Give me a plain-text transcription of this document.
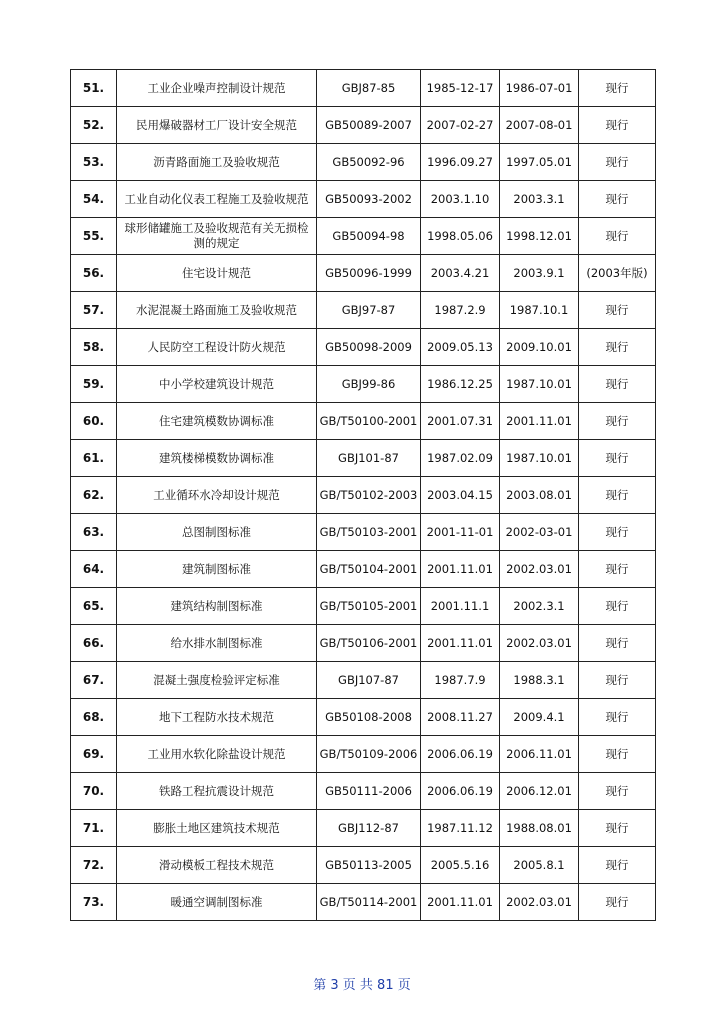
51.	工业企业噪声控制设计规范	GBJ87-85	1985-12-17	1986-07-01	现行
52.	民用爆破器材工厂设计安全规范	GB50089-2007	2007-02-27	2007-08-01	现行
53.	沥青路面施工及验收规范	GB50092-96	1996.09.27	1997.05.01	现行
54.	工业自动化仪表工程施工及验收规范	GB50093-2002	2003.1.10	2003.3.1	现行
55.	球形储罐施工及验收规范有关无损检测的规定	GB50094-98	1998.05.06	1998.12.01	现行
56.	住宅设计规范	GB50096-1999	2003.4.21	2003.9.1	(2003年版)
57.	水泥混凝土路面施工及验收规范	GBJ97-87	1987.2.9	1987.10.1	现行
58.	人民防空工程设计防火规范	GB50098-2009	2009.05.13	2009.10.01	现行
59.	中小学校建筑设计规范	GBJ99-86	1986.12.25	1987.10.01	现行
60.	住宅建筑模数协调标准	GB/T50100-2001	2001.07.31	2001.11.01	现行
61.	建筑楼梯模数协调标准	GBJ101-87	1987.02.09	1987.10.01	现行
62.	工业循环水冷却设计规范	GB/T50102-2003	2003.04.15	2003.08.01	现行
63.	总图制图标准	GB/T50103-2001	2001-11-01	2002-03-01	现行
64.	建筑制图标准	GB/T50104-2001	2001.11.01	2002.03.01	现行
65.	建筑结构制图标准	GB/T50105-2001	2001.11.1	2002.3.1	现行
66.	给水排水制图标准	GB/T50106-2001	2001.11.01	2002.03.01	现行
67.	混凝土强度检验评定标准	GBJ107-87	1987.7.9	1988.3.1	现行
68.	地下工程防水技术规范	GB50108-2008	2008.11.27	2009.4.1	现行
69.	工业用水软化除盐设计规范	GB/T50109-2006	2006.06.19	2006.11.01	现行
70.	铁路工程抗震设计规范	GB50111-2006	2006.06.19	2006.12.01	现行
71.	膨胀土地区建筑技术规范	GBJ112-87	1987.11.12	1988.08.01	现行
72.	滑动模板工程技术规范	GB50113-2005	2005.5.16	2005.8.1	现行
73.	暖通空调制图标准	GB/T50114-2001	2001.11.01	2002.03.01	现行
第 3 页 共 81 页
